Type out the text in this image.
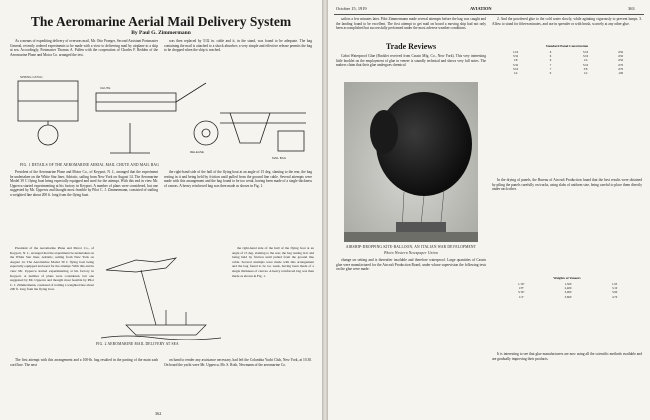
The Aeromarine Aerial Mail Delivery System
By Paul G. Zimmermann

As a means of expediting delivery of overseas mail, Mr. Otto Praeger, Second Assistant Postmaster General, recently ordered experiments to be made with a view to delivering mail by airplane to a ship at sea. Accordingly, Postmaster Thomas A. Pullen with the cooperation of Charles F. Redden of the Aeromarine Plane and Motor Co. arranged the test.

was then replaced by 5/32 in. cable and it, in the stand, was found to be adequate. The bag containing the mail is attached to a shock absorber; a very simple and effective release permits the bag to be dropped when the ship is reached.

SPRING CATCH
CHUTE
RELEASE
MAIL BAG
FIG. 1 DETAILS OF THE AEROMARINE AERIAL MAIL CHUTE AND MAIL BAG

President of the Aeromarine Plane and Motor Co., of Keyport, N. J., arranged that the experiment be undertaken on the White Star liner, Adriatic, sailing from New York on August 14. The Aeromarine Model 39 C flying boat being especially equipped and used for the attempt. With this end in view Mr. Uppercu started experimenting at his factory in Keyport. A number of plans were considered, but one suggested by Mr. Uppercu and thought most feasible by Pilot C. J. Zimmermann, consisted of trailing a weighted line about 200 ft. long from the flying boat.

the right-hand side of the hull of the flying boat at an angle of 15 deg. slanting to the rear, the bag resting in it and being held by friction until pulled from the ground line cable. Several attempts were made with this arrangement and the bag found to be too weak, having been made of a single thickness of canvas. A heavy reinforced bag was then made as shown in Fig. 1.

FIG. 2 AEROMARINE MAIL DELIVERY AT SEA

President of the Aeromarine Plane and Motor Co., of Keyport, N. J., arranged that the experiment be undertaken on the White Star liner, Adriatic, sailing from New York on August 14. The Aeromarine Model 39 C flying boat being especially equipped and used for the attempt. With this end in view Mr. Uppercu started experimenting at his factory in Keyport. A number of plans were considered, but one suggested by Mr. Uppercu and thought most feasible by Pilot C. J. Zimmermann, consisted of trailing a weighted line about 200 ft. long from the flying boat.

the right-hand side of the hull of the flying boat at an angle of 15 deg. slanting to the rear, the bag resting in it and being held by friction until pulled from the ground line cable. Several attempts were made with this arrangement and the bag found to be too weak, having been made of a single thickness of canvas. A heavy reinforced bag was then made as shown in Fig. 1.

The first attempt with this arrangement and a 100-lb. bag resulted in the parting of the main sash cord line. The next

on hand to render any assistance necessary, had left the Columbia Yacht Club, New York, at 10.30. On board the yacht were Mr. Uppercu, Mr. S. Roth, Newmann of the aeromarine Co.

362
October 15, 1919	AVIATION	363

sailors a few minutes later. Pilot Zimmermann made several attempts before the bag was caught and the landing found to be excellent. The first attempt to get mail on board a moving ship had not only been accomplished but successfully performed under the most adverse weather conditions.

Trade Reviews

Cabot Waterproof Glue (Booklet received from Cassin Mfg. Co., New York). This very interesting little booklet on the employment of glue in veneer is soundly technical and shows very full notes. The makers claim that their glue undergoes chemical

AIRSHIP-DROPPING KITE-BALLOON, AN ITALIAN WAR DEVELOPMENT
Photo Western Newspaper Union

change on setting and is thereafter insoluble and therefore waterproof. Large quantities of Cassin glue were manufactured for the Aircraft Production Board, under whose supervision the following tests on the glue were made:

2. And the powdered glue to the cold water slowly, while agitating vigorously to prevent lumps. 3. Allow to stand for fifteen minutes, and use in spreader or with brush, scarcely at any other glue.

Standard Panel Construction
1/16	6	5/16	.050
3/32	6	3/16	.050
1/8	6	1/4	.050
5/32	7	5/16	.070
3/16	7	3/8	.070
1/4	9	1/2	.100

In the drying of panels, the Bureau of Aircraft Production found that the best results were obtained by piling the panels carefully on trucks, using slabs of uniform size, being careful to place them directly under each other.

Weights of Veneers
1/16"	1,500	1.95
1/8"	2,400	3.10
3/16"	3,000	3.90
1/4"	3,600	4.70

It is interesting to see that glue manufacturers are now using all the scientific methods available and are gradually improving their products.
